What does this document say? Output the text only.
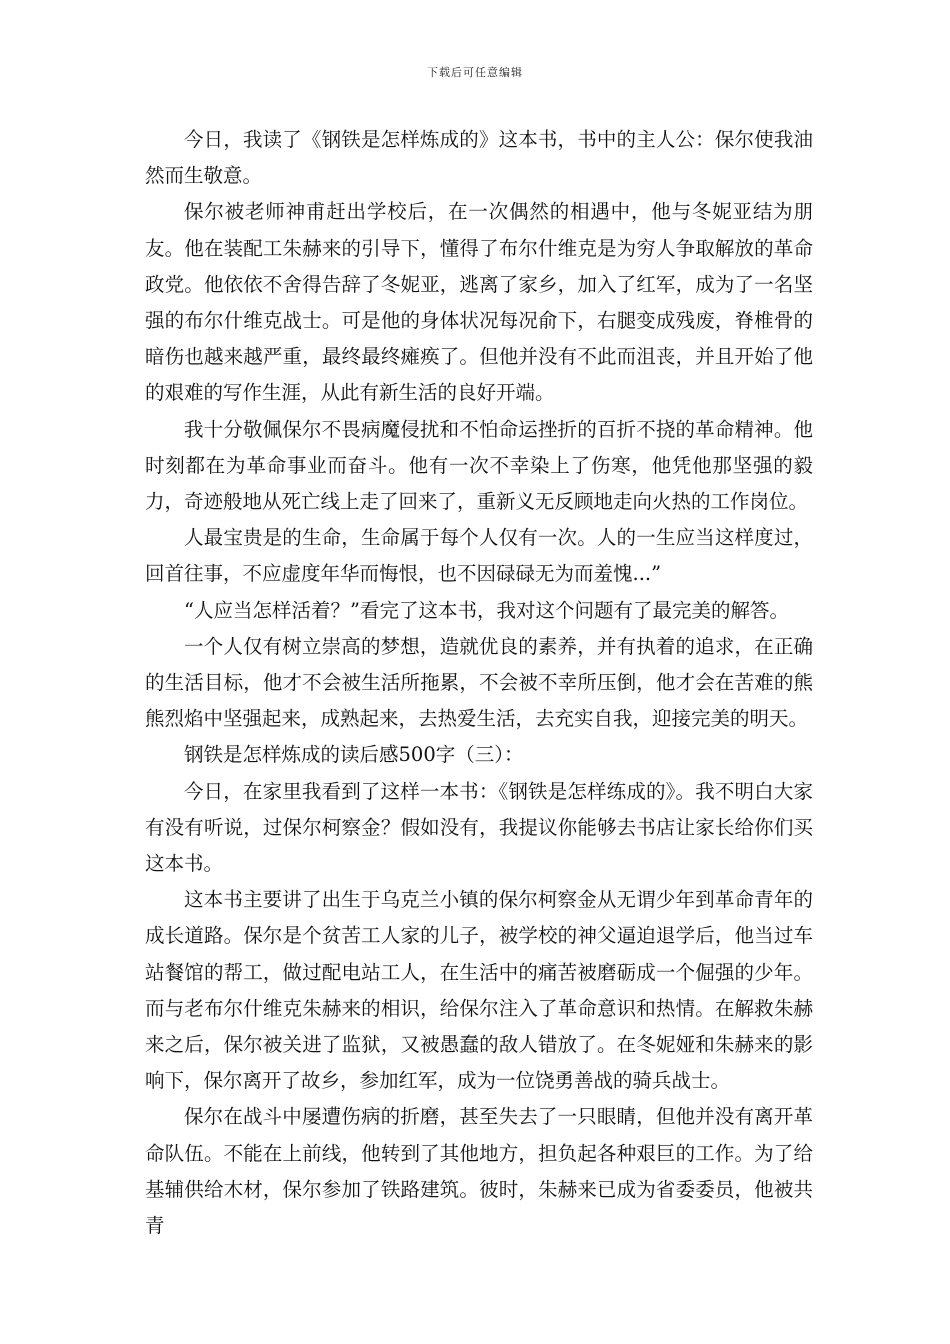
下载后可任意编辑

今日，我读了《钢铁是怎样炼成的》这本书，书中的主人公：保尔使我油然而生敬意。

保尔被老师神甫赶出学校后，在一次偶然的相遇中，他与冬妮亚结为朋友。他在装配工朱赫来的引导下，懂得了布尔什维克是为穷人争取解放的革命政党。他依依不舍得告辞了冬妮亚，逃离了家乡，加入了红军，成为了一名坚强的布尔什维克战士。可是他的身体状况每况俞下，右腿变成残废，脊椎骨的暗伤也越来越严重，最终最终瘫痪了。但他并没有不此而沮丧，并且开始了他的艰难的写作生涯，从此有新生活的良好开端。

我十分敬佩保尔不畏病魔侵扰和不怕命运挫折的百折不挠的革命精神。他时刻都在为革命事业而奋斗。他有一次不幸染上了伤寒，他凭他那坚强的毅力，奇迹般地从死亡线上走了回来了，重新义无反顾地走向火热的工作岗位。

人最宝贵是的生命，生命属于每个人仅有一次。人的一生应当这样度过，回首往事，不应虚度年华而悔恨，也不因碌碌无为而羞愧...”

“人应当怎样活着？”看完了这本书，我对这个问题有了最完美的解答。

一个人仅有树立崇高的梦想，造就优良的素养，并有执着的追求，在正确的生活目标，他才不会被生活所拖累，不会被不幸所压倒，他才会在苦难的熊熊烈焰中坚强起来，成熟起来，去热爱生活，去充实自我，迎接完美的明天。

钢铁是怎样炼成的读后感500字（三）：

今日，在家里我看到了这样一本书：《钢铁是怎样练成的》。我不明白大家有没有听说，过保尔柯察金？假如没有，我提议你能够去书店让家长给你们买这本书。

这本书主要讲了出生于乌克兰小镇的保尔柯察金从无谓少年到革命青年的成长道路。保尔是个贫苦工人家的儿子，被学校的神父逼迫退学后，他当过车站餐馆的帮工，做过配电站工人，在生活中的痛苦被磨砺成一个倔强的少年。而与老布尔什维克朱赫来的相识，给保尔注入了革命意识和热情。在解救朱赫来之后，保尔被关进了监狱，又被愚蠢的敌人错放了。在冬妮娅和朱赫来的影响下，保尔离开了故乡，参加红军，成为一位饶勇善战的骑兵战士。

保尔在战斗中屡遭伤病的折磨，甚至失去了一只眼睛，但他并没有离开革命队伍。不能在上前线，他转到了其他地方，担负起各种艰巨的工作。为了给基辅供给木材，保尔参加了铁路建筑。彼时，朱赫来已成为省委委员，他被共青
